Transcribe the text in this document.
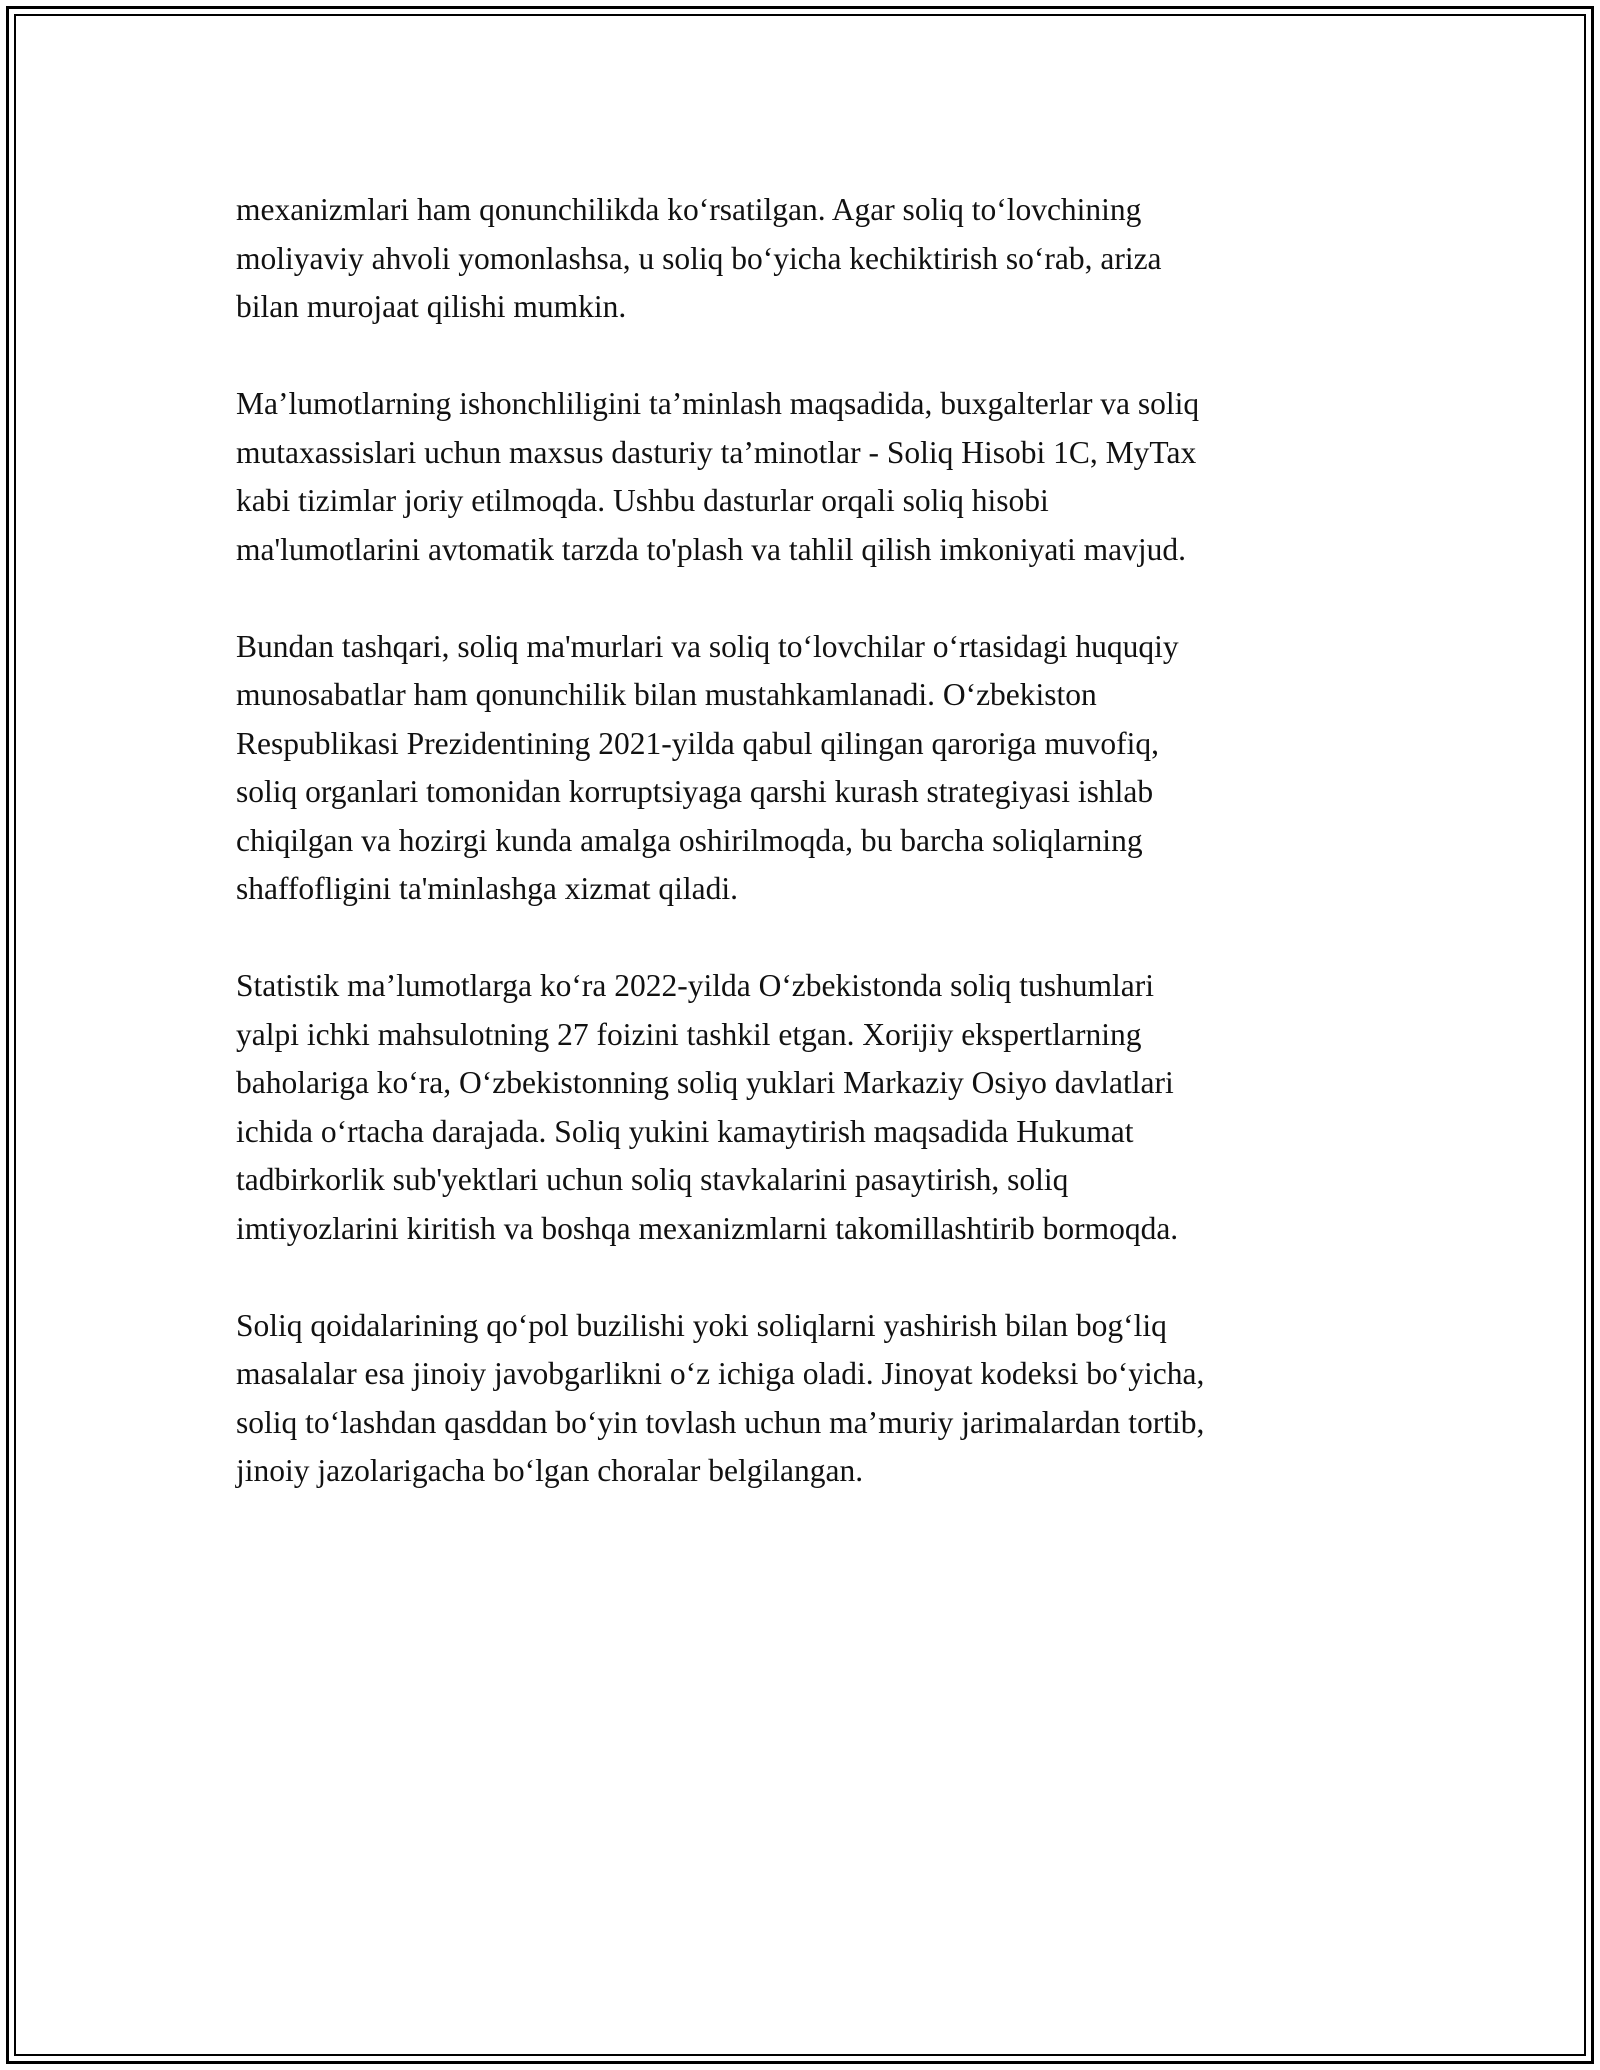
mexanizmlari ham qonunchilikda ko‘rsatilgan. Agar soliq to‘lovchining
moliyaviy ahvoli yomonlashsa, u soliq bo‘yicha kechiktirish so‘rab, ariza
bilan murojaat qilishi mumkin.

Ma’lumotlarning ishonchliligini ta’minlash maqsadida, buxgalterlar va soliq
mutaxassislari uchun maxsus dasturiy ta’minotlar - Soliq Hisobi 1C, MyTax
kabi tizimlar joriy etilmoqda. Ushbu dasturlar orqali soliq hisobi
ma'lumotlarini avtomatik tarzda to'plash va tahlil qilish imkoniyati mavjud.

Bundan tashqari, soliq ma'murlari va soliq to‘lovchilar o‘rtasidagi huquqiy
munosabatlar ham qonunchilik bilan mustahkamlanadi. O‘zbekiston
Respublikasi Prezidentining 2021-yilda qabul qilingan qaroriga muvofiq,
soliq organlari tomonidan korruptsiyaga qarshi kurash strategiyasi ishlab
chiqilgan va hozirgi kunda amalga oshirilmoqda, bu barcha soliqlarning
shaffofligini ta'minlashga xizmat qiladi.

Statistik ma’lumotlarga ko‘ra 2022-yilda O‘zbekistonda soliq tushumlari
yalpi ichki mahsulotning 27 foizini tashkil etgan. Xorijiy ekspertlarning
baholariga ko‘ra, O‘zbekistonning soliq yuklari Markaziy Osiyo davlatlari
ichida o‘rtacha darajada. Soliq yukini kamaytirish maqsadida Hukumat
tadbirkorlik sub'yektlari uchun soliq stavkalarini pasaytirish, soliq
imtiyozlarini kiritish va boshqa mexanizmlarni takomillashtirib bormoqda.

Soliq qoidalarining qo‘pol buzilishi yoki soliqlarni yashirish bilan bog‘liq
masalalar esa jinoiy javobgarlikni o‘z ichiga oladi. Jinoyat kodeksi bo‘yicha,
soliq to‘lashdan qasddan bo‘yin tovlash uchun ma’muriy jarimalardan tortib,
jinoiy jazolarigacha bo‘lgan choralar belgilangan.
